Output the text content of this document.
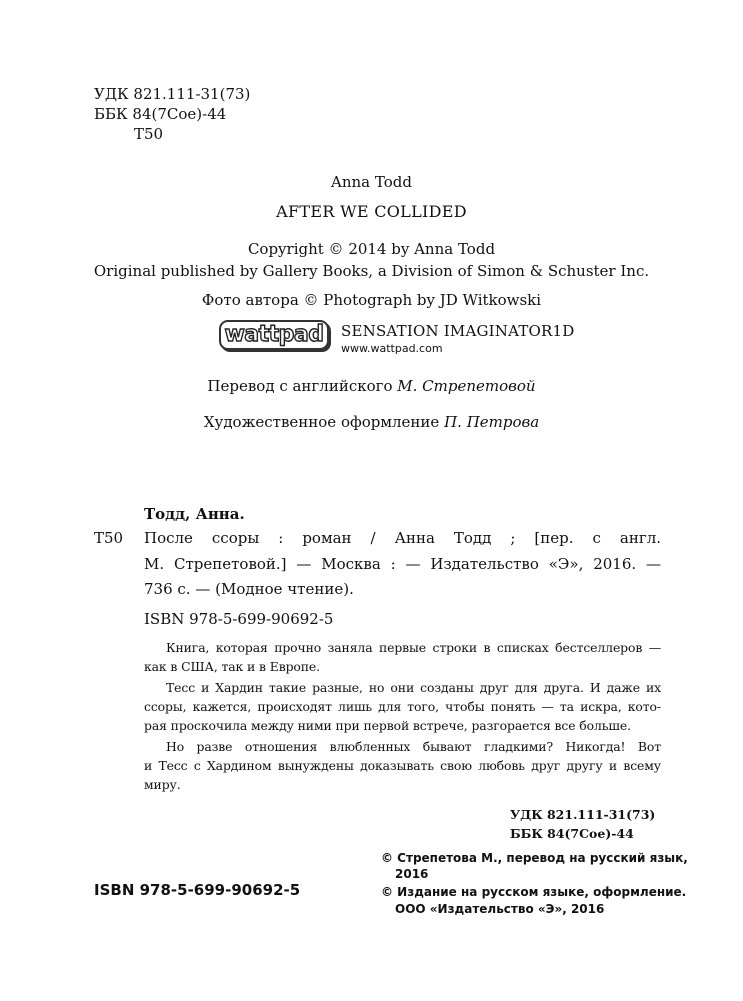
УДК 821.111-31(73)
ББК 84(7Сое)-44
Т50
Anna Todd
AFTER WE COLLIDED
Copyright © 2014 by Anna Todd
Original published by Gallery Books, a Division of Simon & Schuster Inc.
Фото автора © Photograph by JD Witkowski
wattpad SENSATION IMAGINATOR1D
www.wattpad.com
Перевод с английского М. Стрепетовой
Художественное оформление П. Петрова
Тодд, Анна.
Т50 После ссоры : роман / Анна Тодд ; [пер. с англ.
М. Стрепетовой.] — Москва : — Издательство «Э», 2016. —
736 с. — (Модное чтение).
ISBN 978-5-699-90692-5
Книга, которая прочно заняла первые строки в списках бестселлеров —
как в США, так и в Европе.
Тесс и Хардин такие разные, но они созданы друг для друга. И даже их
ссоры, кажется, происходят лишь для того, чтобы понять — та искра, кото-
рая проскочила между ними при первой встрече, разгорается все больше.
Но разве отношения влюбленных бывают гладкими? Никогда! Вот
и Тесс с Хардином вынуждены доказывать свою любовь друг другу и всему
миру.
УДК 821.111-31(73)
ББК 84(7Сое)-44
© Стрепетова М., перевод на русский язык,
2016
© Издание на русском языке, оформление.
ООО «Издательство «Э», 2016
ISBN 978-5-699-90692-5
